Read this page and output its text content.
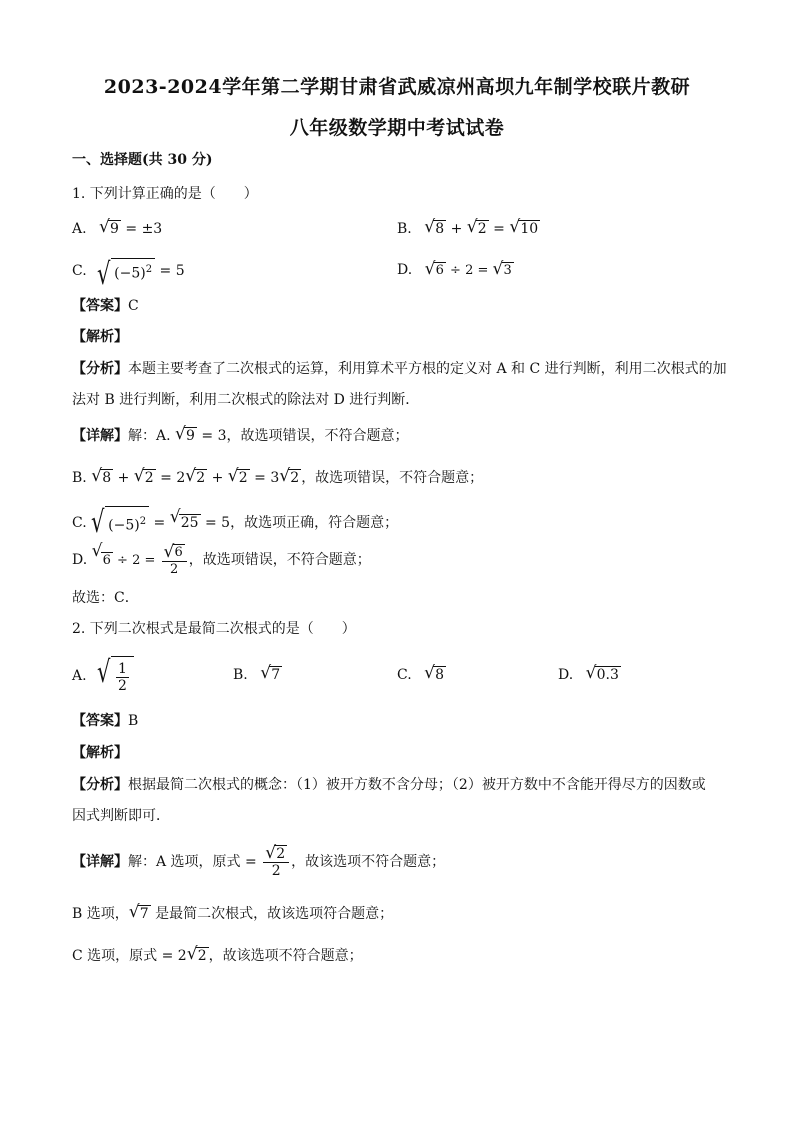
2023-2024学年第二学期甘肃省武威凉州高坝九年制学校联片教研
八年级数学期中考试试卷
一、选择题(共 30 分)
1. 下列计算正确的是（　　）
A. √ 9 = ±3	B. √ 8 + √ 2 = √ 10
C. √ $(-5)^2 = 5$	D. √ 6 ÷ 2 = √ 3
【答案】C
【解析】
【分析】本题主要考查了二次根式的运算，利用算术平方根的定义对 A 和 C 进行判断，利用二次根式的加
法对 B 进行判断，利用二次根式的除法对 D 进行判断．
【详解】解：A. √ 9 = 3，故选项错误，不符合题意；
B. √ 8 + √ 2 = 2 √ 2 + √ 2 = 3 √ 2 ，故选项错误，不符合题意；
C. √ $(-5)^2$ = √ 25 = 5，故选项正确，符合题意；
D. √ $6 \div 2 = \frac{√ 6}{2}$ ，故选项错误，不符合题意；
故选：C．
2. 下列二次根式是最简二次根式的是（　　）
A. √ $\frac{1}{2}$	B. √ 7	C. √ 8	D. √ 0.3
【答案】B
【解析】
【分析】根据最简二次根式的概念：（1）被开方数不含分母；（2）被开方数中不含能开得尽方的因数或
因式判断即可．
【详解】解：A 选项，原式 = $\frac{√ 2}{2}$ ，故该选项不符合题意；
B 选项， √ 7 是最简二次根式，故该选项符合题意；
C 选项，原式 = 2 √ 2 ，故该选项不符合题意；
